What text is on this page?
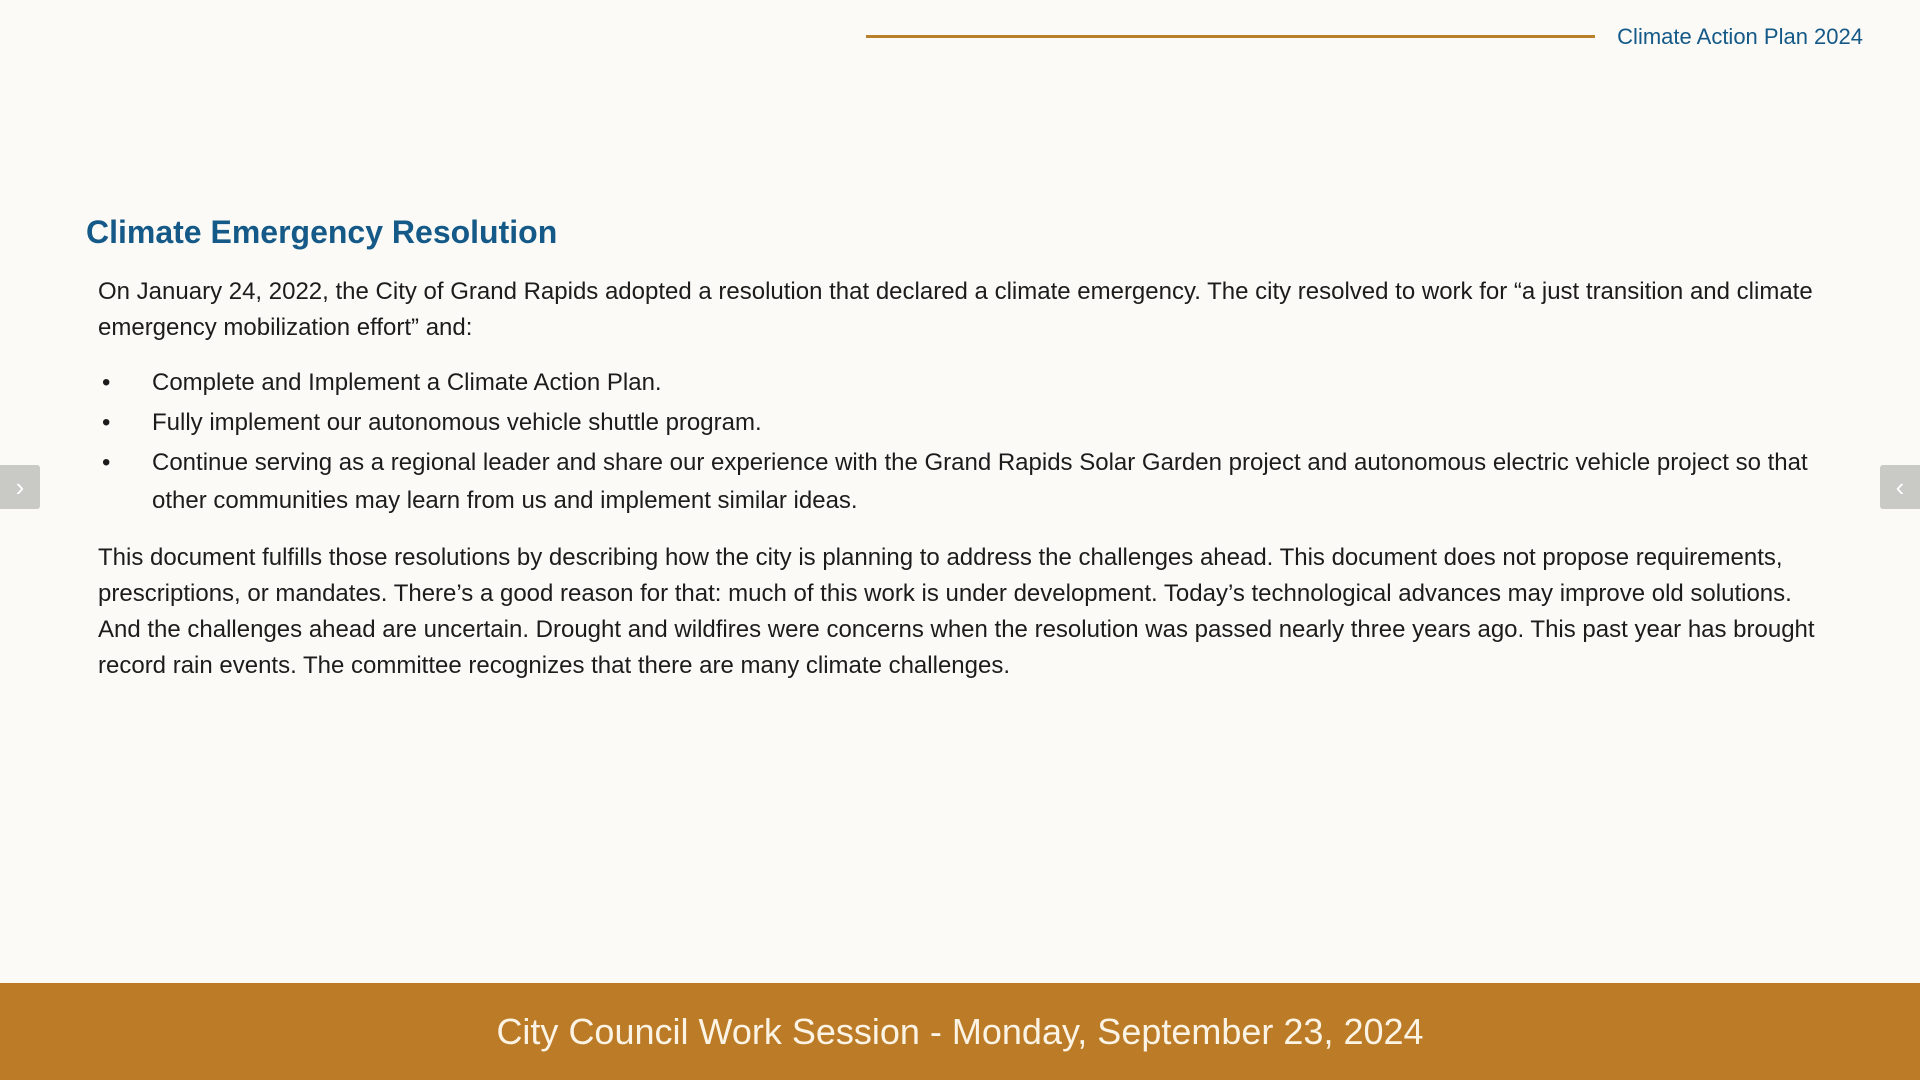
Climate Action Plan 2024
Climate Emergency Resolution

On January 24, 2022, the City of Grand Rapids adopted a resolution that declared a climate emergency. The city resolved to work for “a just transition and climate emergency mobilization effort” and:

•	Complete and Implement a Climate Action Plan.
•	Fully implement our autonomous vehicle shuttle program.
•	Continue serving as a regional leader and share our experience with the Grand Rapids Solar Garden project and autonomous electric vehicle project so that other communities may learn from us and implement similar ideas.

This document fulfills those resolutions by describing how the city is planning to address the challenges ahead. This document does not propose requirements, prescriptions, or mandates. There’s a good reason for that: much of this work is under development. Today’s technological advances may improve old solutions. And the challenges ahead are uncertain. Drought and wildfires were concerns when the resolution was passed nearly three years ago. This past year has brought record rain events. The committee recognizes that there are many climate challenges.

›	‹
City Council Work Session - Monday, September 23, 2024
